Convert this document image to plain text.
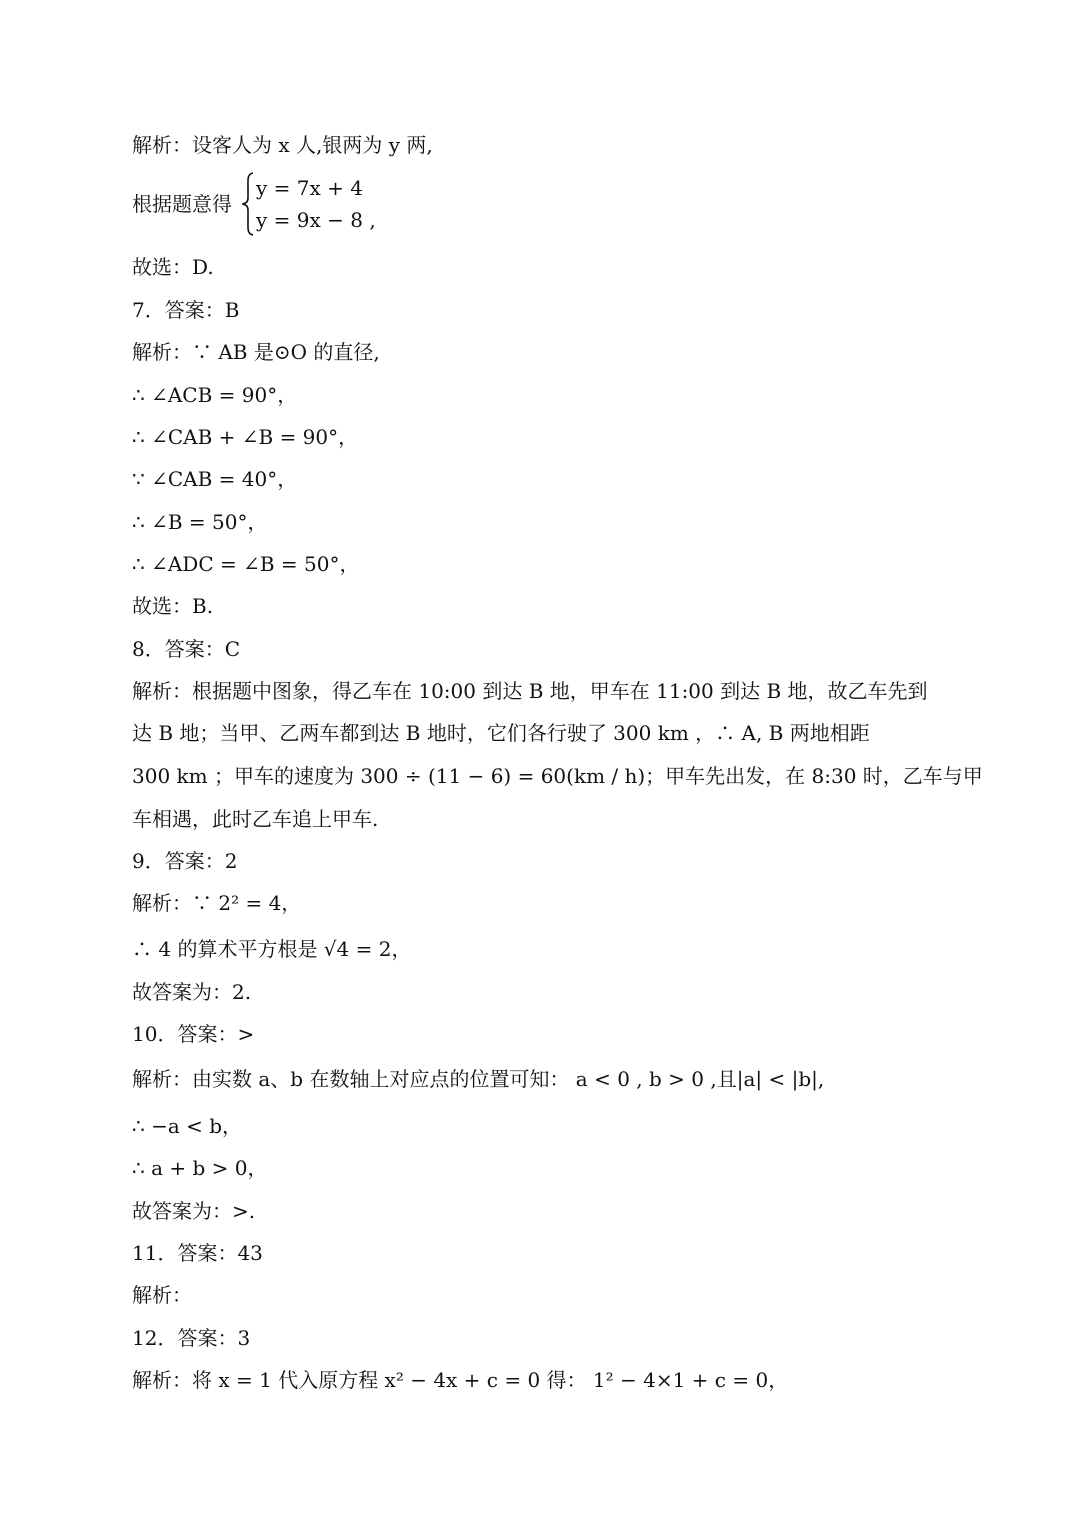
解析：设客人为 x 人,银两为 y 两,
根据题意得
y = 7x + 4
y = 9x − 8 ,
故选：D.
7．答案：B
解析：∵ AB 是⊙O 的直径,
∴ ∠ACB = 90°，
∴ ∠CAB + ∠B = 90°，
∵ ∠CAB = 40°，
∴ ∠B = 50°，
∴ ∠ADC = ∠B = 50°，
故选：B.
8．答案：C
解析：根据题中图象，得乙车在 10:00 到达 B 地，甲车在 11:00 到达 B 地，故乙车先到
达 B 地；当甲、乙两车都到达 B 地时，它们各行驶了 300 km ，∴ A, B 两地相距
300 km ；甲车的速度为 300 ÷ (11 − 6) = 60(km / h)；甲车先出发，在 8:30 时，乙车与甲
车相遇，此时乙车追上甲车.
9．答案：2
解析：∵ 2² = 4，
∴ 4 的算术平方根是 √4 = 2，
故答案为：2.
10．答案：>
解析：由实数 a、b 在数轴上对应点的位置可知： a < 0 , b > 0 ,且|a| < |b|,
∴ −a < b，
∴ a + b > 0，
故答案为：>.
11．答案：43
解析：
12．答案：3
解析：将 x = 1 代入原方程 x² − 4x + c = 0 得： 1² − 4×1 + c = 0，
